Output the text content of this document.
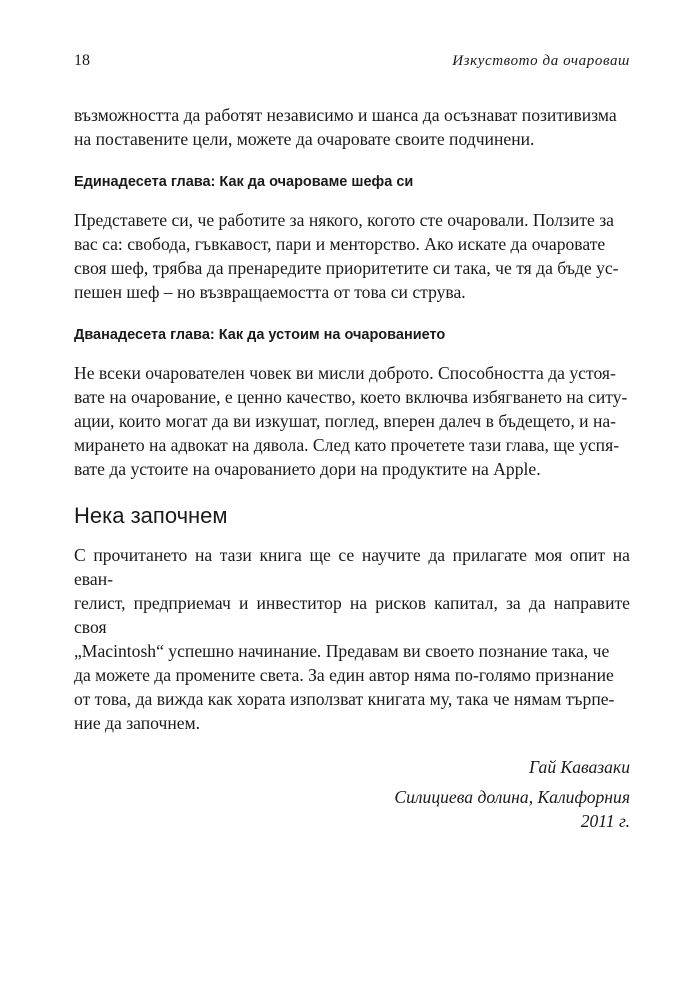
18	Изкуството да очароваш

възможността да работят независимо и шанса да осъзнават позитивизма
на поставените цели, можете да очаровате своите подчинени.

Единадесета глава: Как да очароваме шефа си

Представете си, че работите за някого, когото сте очаровали. Ползите за
вас са: свобода, гъвкавост, пари и менторство. Ако искате да очаровате
своя шеф, трябва да пренаредите приоритетите си така, че тя да бъде ус-
пешен шеф – но възвращаемостта от това си струва.

Дванадесета глава: Как да устоим на очарованието

Не всеки очарователен човек ви мисли доброто. Способността да устоя-
вате на очарование, е ценно качество, което включва избягването на ситу-
ации, които могат да ви изкушат, поглед, вперен далеч в бъдещето, и на-
мирането на адвокат на дявола. След като прочетете тази глава, ще успя-
вате да устоите на очарованието дори на продуктите на Apple.

Нека започнем

С прочитането на тази книга ще се научите да прилагате моя опит на еван-
гелист, предприемач и инвеститор на рисков капитал, за да направите своя
„Macintosh“ успешно начинание. Предавам ви своето познание така, че
да можете да промените света. За един автор няма по-голямо признание
от това, да виждa как хората използват книгата му, така че нямам търпе-
ние да започнем.

Гай Кавазаки
Силициева долина, Калифорния
2011 г.
